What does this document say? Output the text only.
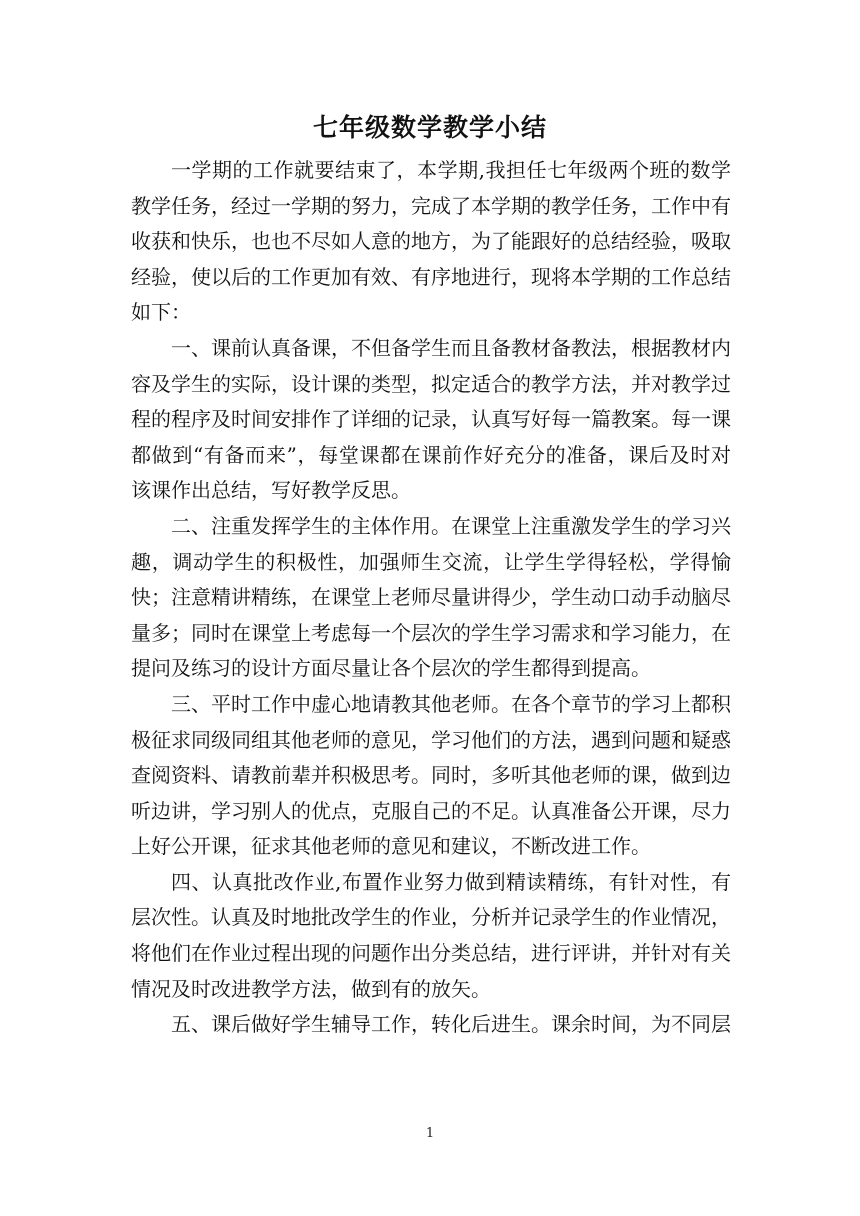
七年级数学教学小结

一学期的工作就要结束了，本学期,我担任七年级两个班的数学教学任务，经过一学期的努力，完成了本学期的教学任务，工作中有收获和快乐，也也不尽如人意的地方，为了能跟好的总结经验，吸取经验，使以后的工作更加有效、有序地进行，现将本学期的工作总结如下：

一、课前认真备课，不但备学生而且备教材备教法，根据教材内容及学生的实际，设计课的类型，拟定适合的教学方法，并对教学过程的程序及时间安排作了详细的记录，认真写好每一篇教案。每一课都做到“有备而来”，每堂课都在课前作好充分的准备，课后及时对该课作出总结，写好教学反思。

二、注重发挥学生的主体作用。在课堂上注重激发学生的学习兴趣，调动学生的积极性，加强师生交流，让学生学得轻松，学得愉快；注意精讲精练，在课堂上老师尽量讲得少，学生动口动手动脑尽量多；同时在课堂上考虑每一个层次的学生学习需求和学习能力，在提问及练习的设计方面尽量让各个层次的学生都得到提高。

三、平时工作中虚心地请教其他老师。在各个章节的学习上都积极征求同级同组其他老师的意见，学习他们的方法，遇到问题和疑惑查阅资料、请教前辈并积极思考。同时，多听其他老师的课，做到边听边讲，学习别人的优点，克服自己的不足。认真准备公开课，尽力上好公开课，征求其他老师的意见和建议，不断改进工作。

四、认真批改作业,布置作业努力做到精读精练，有针对性，有层次性。认真及时地批改学生的作业，分析并记录学生的作业情况，将他们在作业过程出现的问题作出分类总结，进行评讲，并针对有关情况及时改进教学方法，做到有的放矢。

五、课后做好学生辅导工作，转化后进生。课余时间，为不同层

1
